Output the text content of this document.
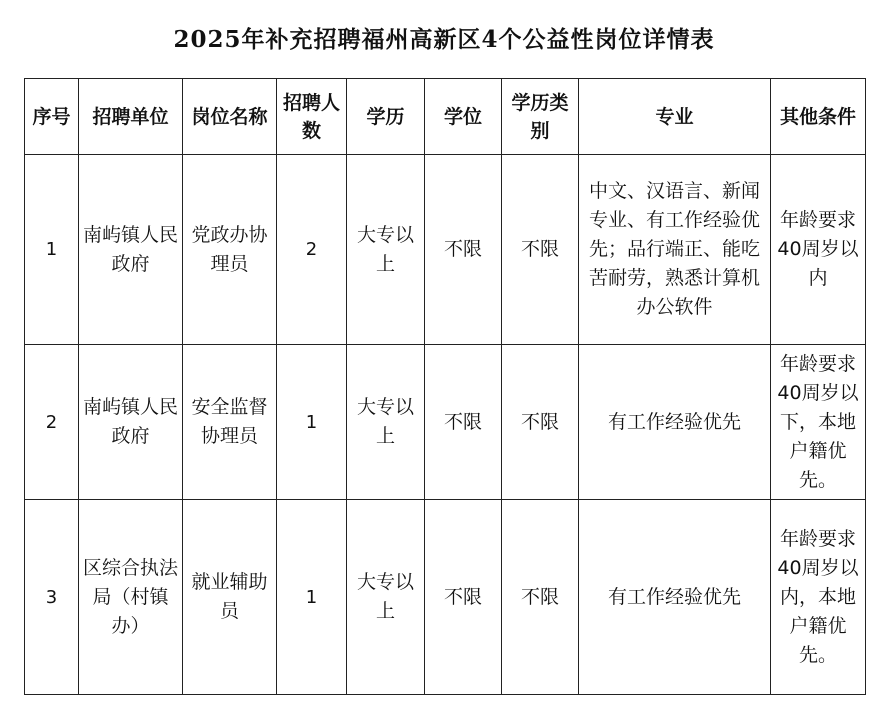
2025年补充招聘福州高新区4个公益性岗位详情表
序号	招聘单位	岗位名称	招聘人数	学历	学位	学历类别	专业	其他条件
1	南屿镇人民政府	党政办协理员	2	大专以上	不限	不限	中文、汉语言、新闻专业、有工作经验优先；品行端正、能吃苦耐劳，熟悉计算机办公软件	年龄要求40周岁以内
2	南屿镇人民政府	安全监督协理员	1	大专以上	不限	不限	有工作经验优先	年龄要求40周岁以下，本地户籍优先。
3	区综合执法局（村镇办）	就业辅助员	1	大专以上	不限	不限	有工作经验优先	年龄要求40周岁以内，本地户籍优先。
